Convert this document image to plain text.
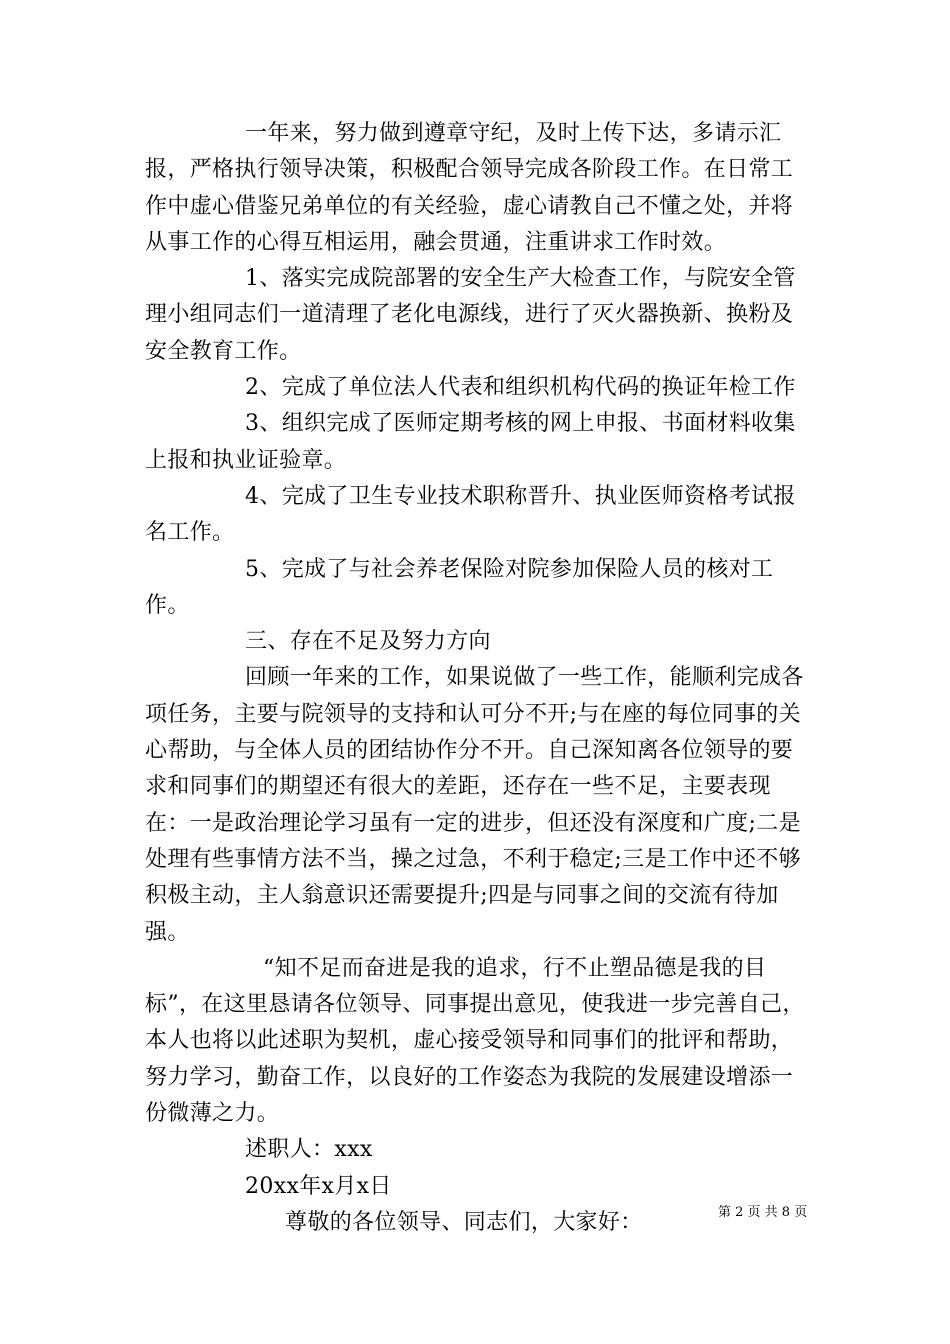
一年来，努力做到遵章守纪，及时上传下达，多请示汇报，严格执行领导决策，积极配合领导完成各阶段工作。在日常工作中虚心借鉴兄弟单位的有关经验，虚心请教自己不懂之处，并将从事工作的心得互相运用，融会贯通，注重讲求工作时效。

1、落实完成院部署的安全生产大检查工作，与院安全管理小组同志们一道清理了老化电源线，进行了灭火器换新、换粉及安全教育工作。

2、完成了单位法人代表和组织机构代码的换证年检工作

3、组织完成了医师定期考核的网上申报、书面材料收集上报和执业证验章。

4、完成了卫生专业技术职称晋升、执业医师资格考试报名工作。

5、完成了与社会养老保险对院参加保险人员的核对工作。

三、存在不足及努力方向

回顾一年来的工作，如果说做了一些工作，能顺利完成各项任务，主要与院领导的支持和认可分不开;与在座的每位同事的关心帮助，与全体人员的团结协作分不开。自己深知离各位领导的要求和同事们的期望还有很大的差距，还存在一些不足，主要表现在：一是政治理论学习虽有一定的进步，但还没有深度和广度;二是处理有些事情方法不当，操之过急，不利于稳定;三是工作中还不够积极主动，主人翁意识还需要提升;四是与同事之间的交流有待加强。

“知不足而奋进是我的追求，行不止塑品德是我的目标”，在这里恳请各位领导、同事提出意见，使我进一步完善自己，本人也将以此述职为契机，虚心接受领导和同事们的批评和帮助，努力学习，勤奋工作，以良好的工作姿态为我院的发展建设增添一份微薄之力。

述职人：xxx

20xx年x月x日

尊敬的各位领导、同志们，大家好：	第 2 页 共 8 页
